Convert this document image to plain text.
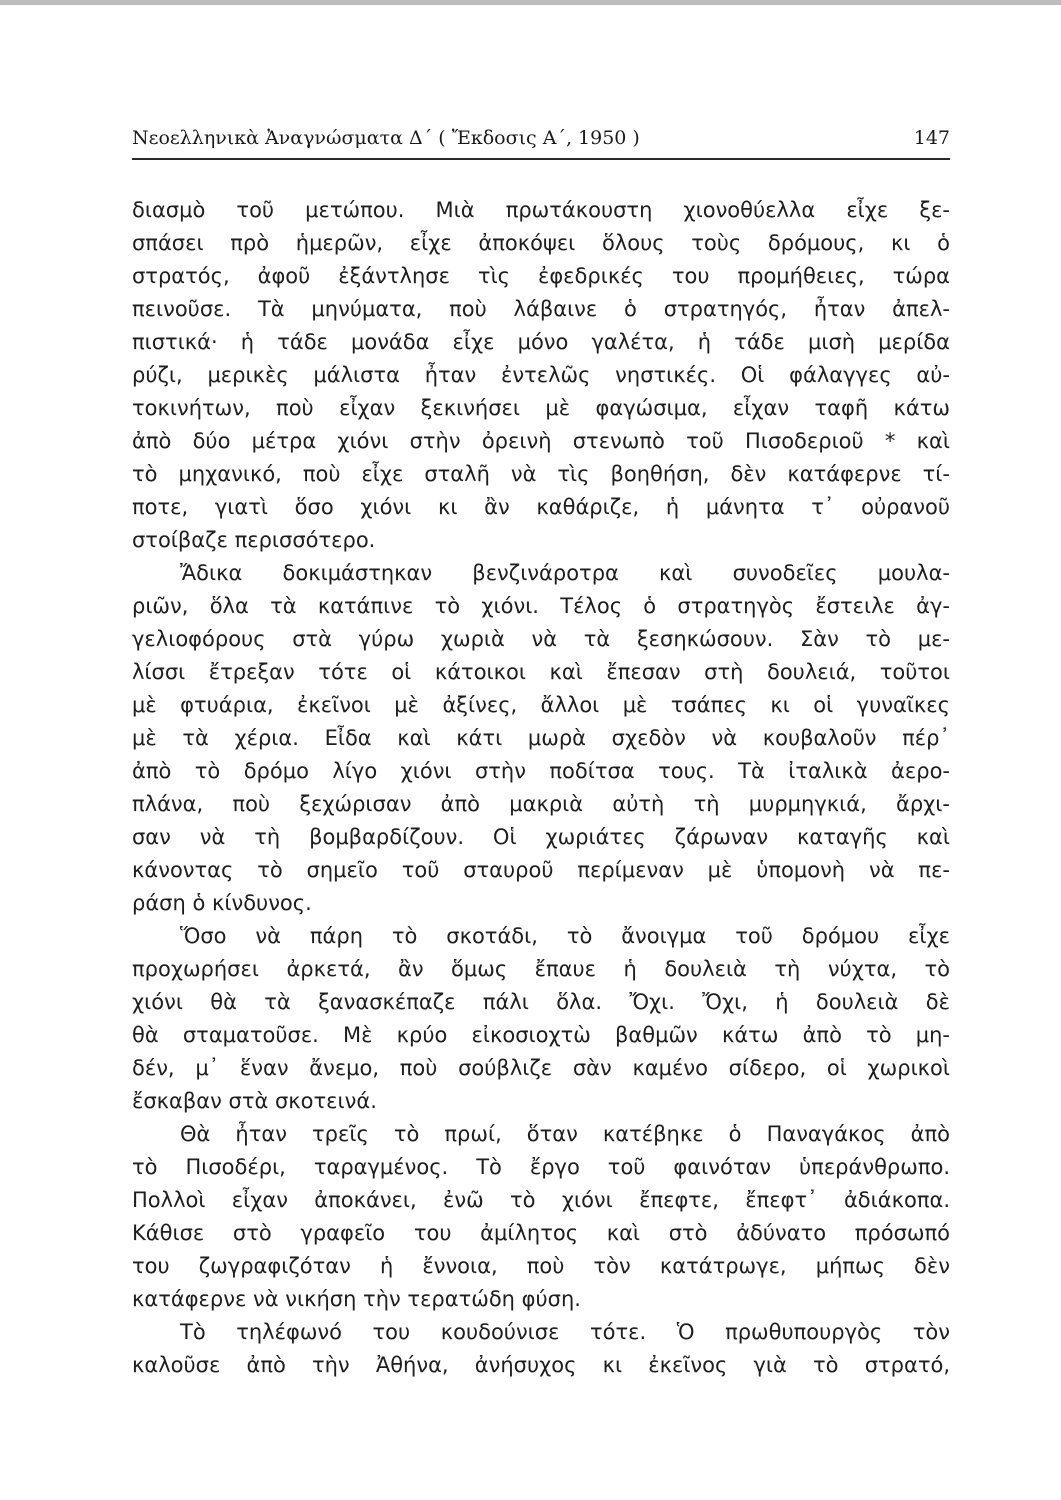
Νεοελληνικὰ Ἀναγνώσματα Δ΄ ( Ἔκδοσις Α΄, 1950 )	147
διασμὸ τοῦ μετώπου. Μιὰ πρωτάκουστη χιονοθύελλα εἶχε ξε-
σπάσει πρὸ ἡμερῶν, εἶχε ἀποκόψει ὅλους τοὺς δρόμους, κι ὁ
στρατός, ἀφοῦ ἐξάντλησε τὶς ἐφεδρικές του προμήθειες, τώρα
πεινοῦσε. Τὰ μηνύματα, ποὺ λάβαινε ὁ στρατηγός, ἦταν ἀπελ-
πιστικά· ἡ τάδε μονάδα εἶχε μόνο γαλέτα, ἡ τάδε μισὴ μερίδα
ρύζι, μερικὲς μάλιστα ἦταν ἐντελῶς νηστικές. Οἱ φάλαγγες αὐ-
τοκινήτων, ποὺ εἶχαν ξεκινήσει μὲ φαγώσιμα, εἶχαν ταφῆ κάτω
ἀπὸ δύο μέτρα χιόνι στὴν ὀρεινὴ στενωπὸ τοῦ Πισοδεριοῦ * καὶ
τὸ μηχανικό, ποὺ εἶχε σταλῆ νὰ τὶς βοηθήση, δὲν κατάφερνε τί-
ποτε, γιατὶ ὅσο χιόνι κι ἂν καθάριζε, ἡ μάνητα τ᾿ οὐρανοῦ
στοίβαζε περισσότερο.
Ἄδικα δοκιμάστηκαν βενζινάροτρα καὶ συνοδεῖες μουλα-
ριῶν, ὅλα τὰ κατάπινε τὸ χιόνι. Τέλος ὁ στρατηγὸς ἔστειλε ἀγ-
γελιοφόρους στὰ γύρω χωριὰ νὰ τὰ ξεσηκώσουν. Σὰν τὸ με-
λίσσι ἔτρεξαν τότε οἱ κάτοικοι καὶ ἔπεσαν στὴ δουλειά, τοῦτοι
μὲ φτυάρια, ἐκεῖνοι μὲ ἀξίνες, ἄλλοι μὲ τσάπες κι οἱ γυναῖκες
μὲ τὰ χέρια. Εἶδα καὶ κάτι μωρὰ σχεδὸν νὰ κουβαλοῦν πέρ᾿
ἀπὸ τὸ δρόμο λίγο χιόνι στὴν ποδίτσα τους. Τὰ ἰταλικὰ ἀερο-
πλάνα, ποὺ ξεχώρισαν ἀπὸ μακριὰ αὐτὴ τὴ μυρμηγκιά, ἄρχι-
σαν νὰ τὴ βομβαρδίζουν. Οἱ χωριάτες ζάρωναν καταγῆς καὶ
κάνοντας τὸ σημεῖο τοῦ σταυροῦ περίμεναν μὲ ὑπομονὴ νὰ πε-
ράση ὁ κίνδυνος.
Ὅσο νὰ πάρη τὸ σκοτάδι, τὸ ἄνοιγμα τοῦ δρόμου εἶχε
προχωρήσει ἀρκετά, ἂν ὅμως ἔπαυε ἡ δουλειὰ τὴ νύχτα, τὸ
χιόνι θὰ τὰ ξανασκέπαζε πάλι ὅλα. Ὄχι. Ὄχι, ἡ δουλειὰ δὲ
θὰ σταματοῦσε. Μὲ κρύο εἰκοσιοχτὼ βαθμῶν κάτω ἀπὸ τὸ μη-
δέν, μ᾿ ἕναν ἄνεμο, ποὺ σούβλιζε σὰν καμένο σίδερο, οἱ χωρικοὶ
ἔσκαβαν στὰ σκοτεινά.
Θὰ ἦταν τρεῖς τὸ πρωί, ὅταν κατέβηκε ὁ Παναγάκος ἀπὸ
τὸ Πισοδέρι, ταραγμένος. Τὸ ἔργο τοῦ φαινόταν ὑπεράνθρωπο.
Πολλοὶ εἶχαν ἀποκάνει, ἐνῶ τὸ χιόνι ἔπεφτε, ἔπεφτ᾿ ἀδιάκοπα.
Κάθισε στὸ γραφεῖο του ἀμίλητος καὶ στὸ ἀδύνατο πρόσωπό
του ζωγραφιζόταν ἡ ἔννοια, ποὺ τὸν κατάτρωγε, μήπως δὲν
κατάφερνε νὰ νικήση τὴν τερατώδη φύση.
Τὸ τηλέφωνό του κουδούνισε τότε. Ὁ πρωθυπουργὸς τὸν
καλοῦσε ἀπὸ τὴν Ἀθήνα, ἀνήσυχος κι ἐκεῖνος γιὰ τὸ στρατό,
